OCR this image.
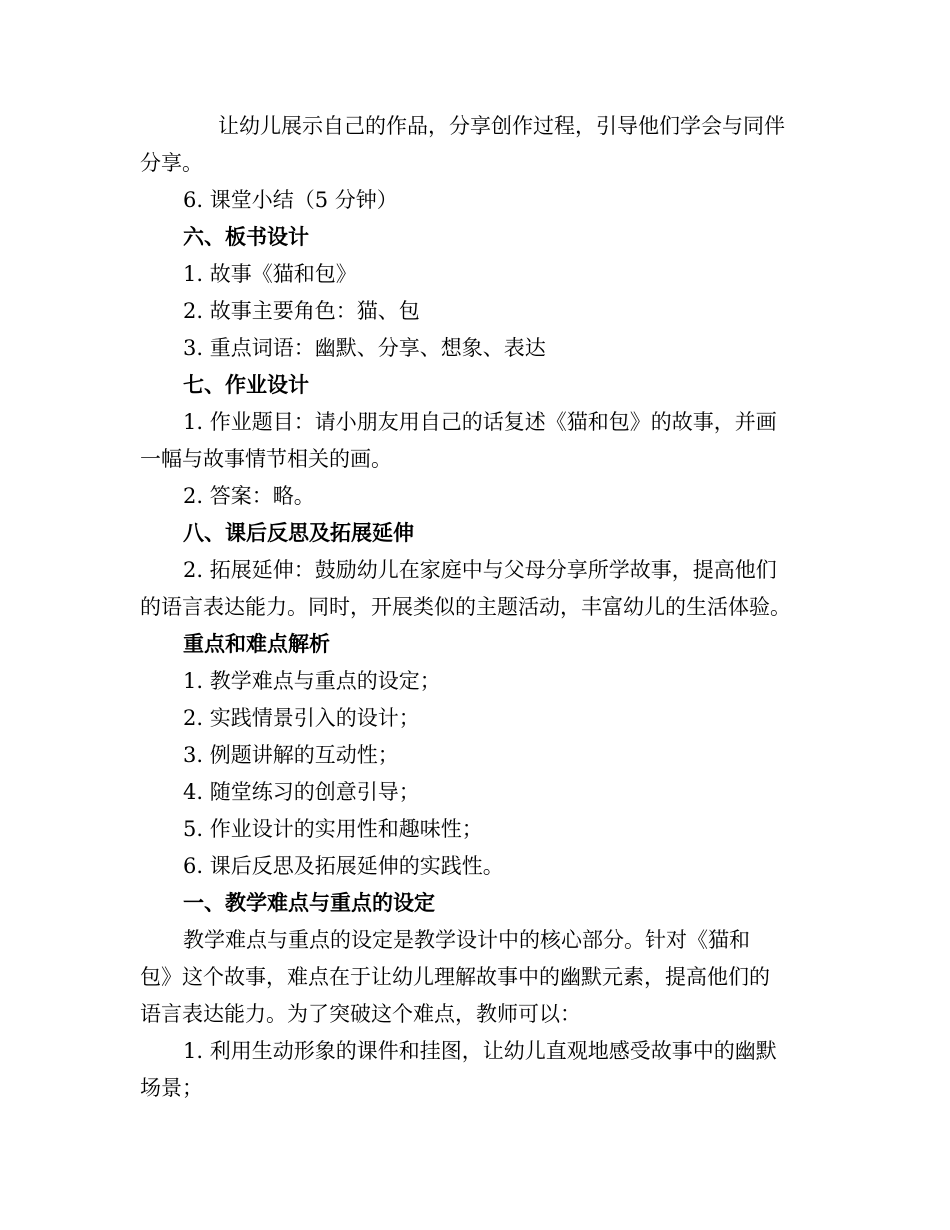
让幼儿展示自己的作品，分享创作过程，引导他们学会与同伴
分享。
6. 课堂小结（5 分钟）
六、板书设计
1. 故事《猫和包》
2. 故事主要角色：猫、包
3. 重点词语：幽默、分享、想象、表达
七、作业设计
1. 作业题目：请小朋友用自己的话复述《猫和包》的故事，并画
一幅与故事情节相关的画。
2. 答案：略。
八、课后反思及拓展延伸
2. 拓展延伸：鼓励幼儿在家庭中与父母分享所学故事，提高他们
的语言表达能力。同时，开展类似的主题活动，丰富幼儿的生活体验。
重点和难点解析
1. 教学难点与重点的设定；
2. 实践情景引入的设计；
3. 例题讲解的互动性；
4. 随堂练习的创意引导；
5. 作业设计的实用性和趣味性；
6. 课后反思及拓展延伸的实践性。
一、教学难点与重点的设定
教学难点与重点的设定是教学设计中的核心部分。针对《猫和
包》这个故事，难点在于让幼儿理解故事中的幽默元素，提高他们的
语言表达能力。为了突破这个难点，教师可以：
1. 利用生动形象的课件和挂图，让幼儿直观地感受故事中的幽默
场景；
